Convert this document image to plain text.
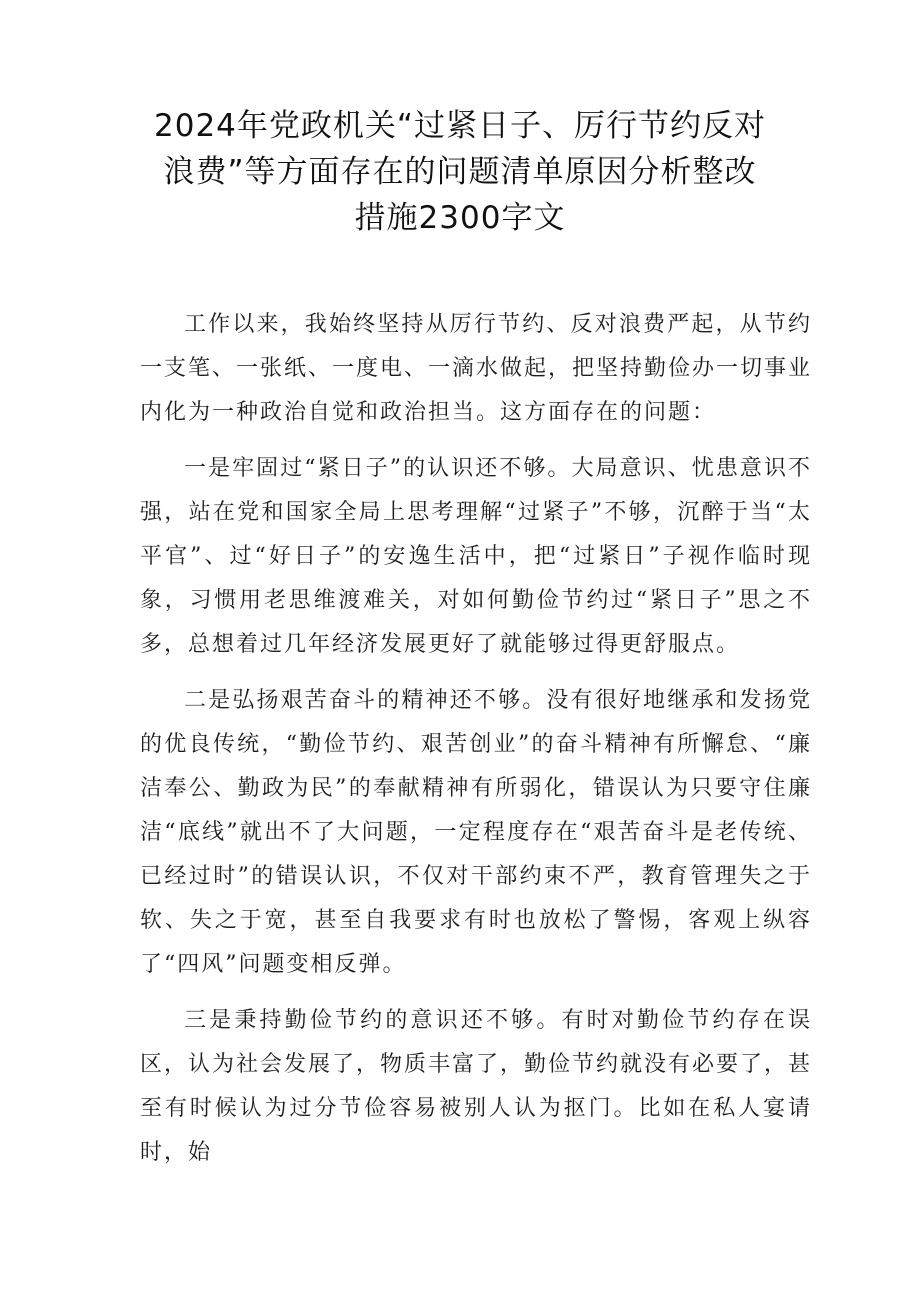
2024年党政机关“过紧日子、厉行节约反对
浪费”等方面存在的问题清单原因分析整改
措施2300字文

工作以来，我始终坚持从厉行节约、反对浪费严起，从节约一支笔、一张纸、一度电、一滴水做起，把坚持勤俭办一切事业内化为一种政治自觉和政治担当。这方面存在的问题：

一是牢固过“紧日子”的认识还不够。大局意识、忧患意识不强，站在党和国家全局上思考理解“过紧子”不够，沉醉于当“太平官”、过“好日子”的安逸生活中，把“过紧日”子视作临时现象，习惯用老思维渡难关，对如何勤俭节约过“紧日子”思之不多，总想着过几年经济发展更好了就能够过得更舒服点。

二是弘扬艰苦奋斗的精神还不够。没有很好地继承和发扬党的优良传统，“勤俭节约、艰苦创业”的奋斗精神有所懈怠、“廉洁奉公、勤政为民”的奉献精神有所弱化，错误认为只要守住廉洁“底线”就出不了大问题，一定程度存在“艰苦奋斗是老传统、已经过时”的错误认识，不仅对干部约束不严，教育管理失之于软、失之于宽，甚至自我要求有时也放松了警惕，客观上纵容了“四风”问题变相反弹。

三是秉持勤俭节约的意识还不够。有时对勤俭节约存在误区，认为社会发展了，物质丰富了，勤俭节约就没有必要了，甚至有时候认为过分节俭容易被别人认为抠门。比如在私人宴请时，始
